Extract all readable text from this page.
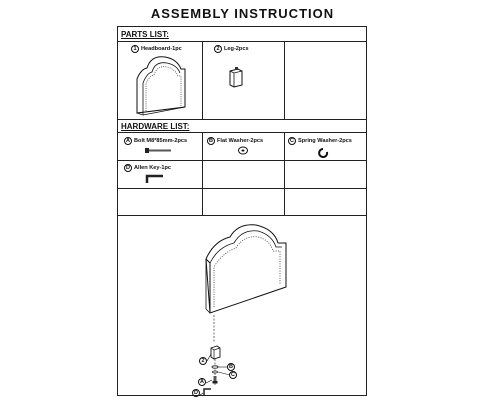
ASSEMBLY INSTRUCTION
PARTS LIST:
1 Headboard-1pc	2 Leg-2pcs
HARDWARE LIST:
A Bolt M8*85mm-2pcs	B Flat Washer-2pcs	C Spring Washer-2pcs
D Allen Key-1pc
2
B
C
A
D
